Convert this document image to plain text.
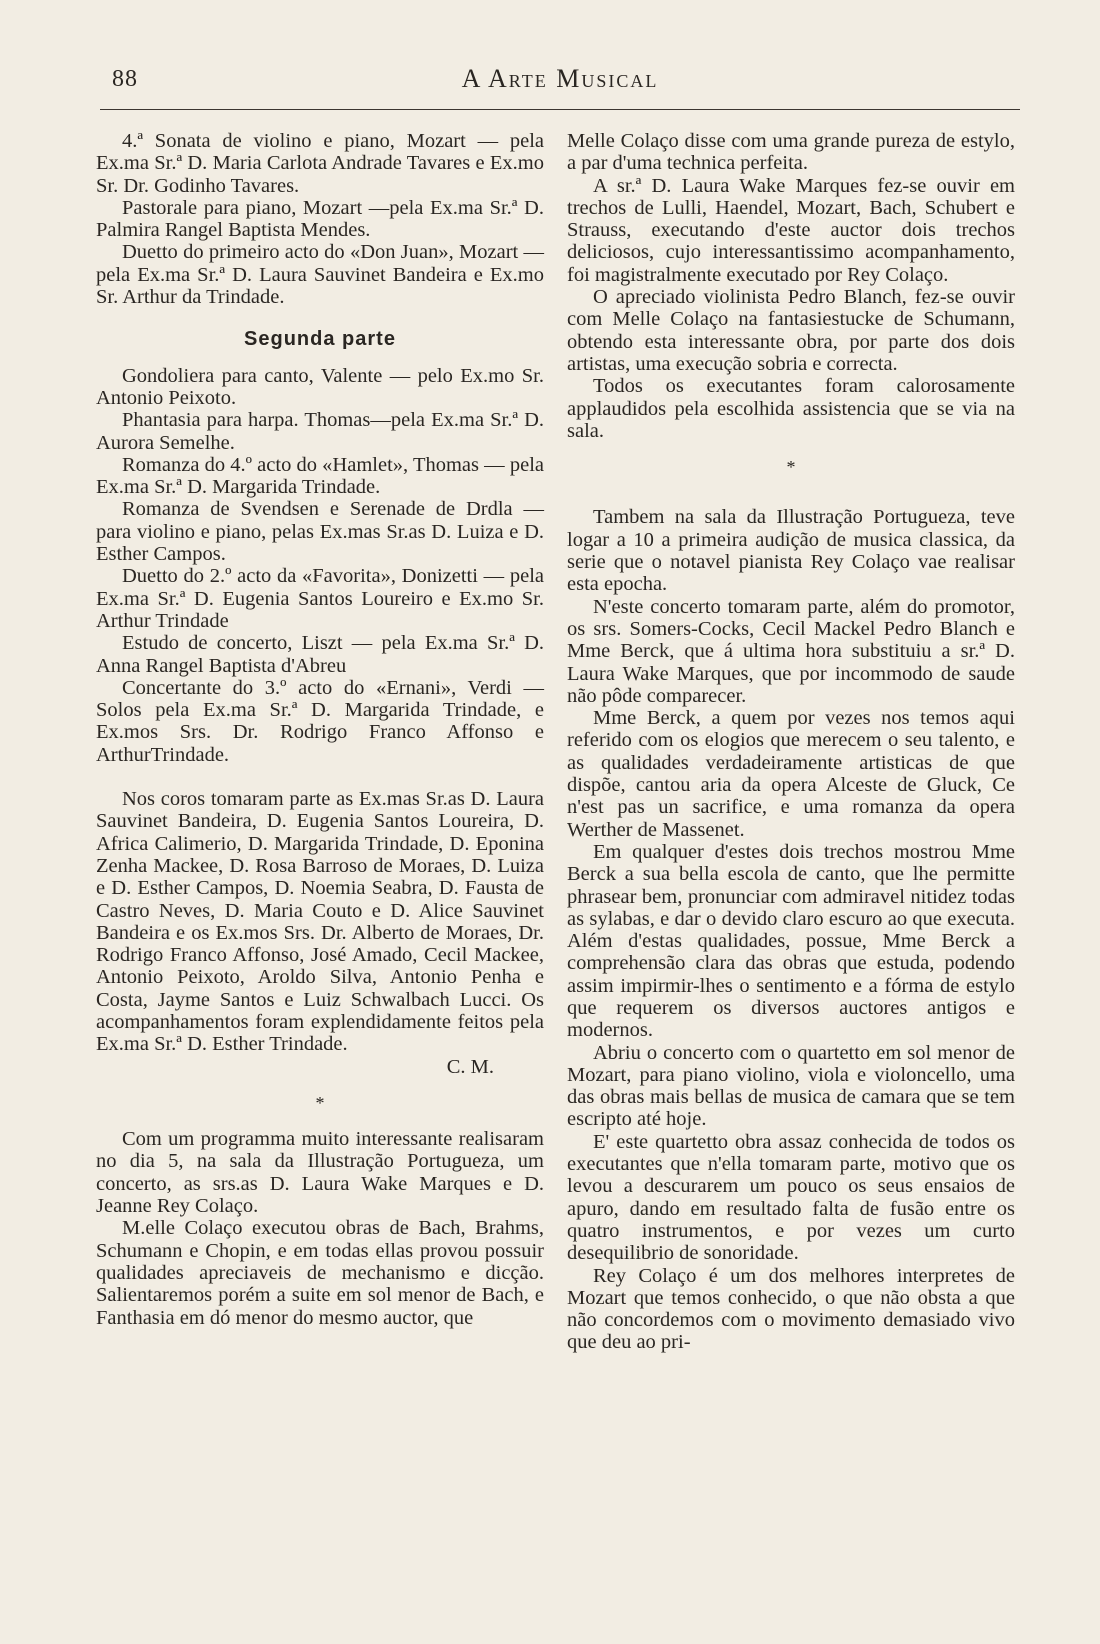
88	A Arte Musical

4.ª Sonata de violino e piano, Mozart — pela Ex.ma Sr.ª D. Maria Carlota Andrade Tavares e Ex.mo Sr. Dr. Godinho Tavares.

Pastorale para piano, Mozart —pela Ex.ma Sr.ª D. Palmira Rangel Baptista Mendes.

Duetto do primeiro acto do «Don Juan», Mozart — pela Ex.ma Sr.ª D. Laura Sauvinet Bandeira e Ex.mo Sr. Arthur da Trindade.

Segunda parte

Gondoliera para canto, Valente — pelo Ex.mo Sr. Antonio Peixoto.

Phantasia para harpa. Thomas—pela Ex.ma Sr.ª D. Aurora Semelhe.

Romanza do 4.º acto do «Hamlet», Thomas — pela Ex.ma Sr.ª D. Margarida Trindade.

Romanza de Svendsen e Serenade de Drdla — para violino e piano, pelas Ex.mas Sr.as D. Luiza e D. Esther Campos.

Duetto do 2.º acto da «Favorita», Donizetti — pela Ex.ma Sr.ª D. Eugenia Santos Loureiro e Ex.mo Sr. Arthur Trindade

Estudo de concerto, Liszt — pela Ex.ma Sr.ª D. Anna Rangel Baptista d'Abreu

Concertante do 3.º acto do «Ernani», Verdi — Solos pela Ex.ma Sr.ª D. Margarida Trindade, e Ex.mos Srs. Dr. Rodrigo Franco Affonso e ArthurTrindade.

Nos coros tomaram parte as Ex.mas Sr.as D. Laura Sauvinet Bandeira, D. Eugenia Santos Loureira, D. Africa Calimerio, D. Margarida Trindade, D. Eponina Zenha Mackee, D. Rosa Barroso de Moraes, D. Luiza e D. Esther Campos, D. Noemia Seabra, D. Fausta de Castro Neves, D. Maria Couto e D. Alice Sauvinet Bandeira e os Ex.mos Srs. Dr. Alberto de Moraes, Dr. Rodrigo Franco Affonso, José Amado, Cecil Mackee, Antonio Peixoto, Aroldo Silva, Antonio Penha e Costa, Jayme Santos e Luiz Schwalbach Lucci. Os acompanhamentos foram explendidamente feitos pela Ex.ma Sr.ª D. Esther Trindade.

C. M.

*

Com um programma muito interessante realisaram no dia 5, na sala da Illustração Portugueza, um concerto, as srs.as D. Laura Wake Marques e D. Jeanne Rey Colaço.

M.elle Colaço executou obras de Bach, Brahms, Schumann e Chopin, e em todas ellas provou possuir qualidades apreciaveis de mechanismo e dicção. Salientaremos porém a suite em sol menor de Bach, e Fanthasia em dó menor do mesmo auctor, que

Melle Colaço disse com uma grande pureza de estylo, a par d'uma technica perfeita.

A sr.ª D. Laura Wake Marques fez-se ouvir em trechos de Lulli, Haendel, Mozart, Bach, Schubert e Strauss, executando d'este auctor dois trechos deliciosos, cujo interessantissimo acompanhamento, foi magistralmente executado por Rey Colaço.

O apreciado violinista Pedro Blanch, fez-se ouvir com Melle Colaço na fantasiestucke de Schumann, obtendo esta interessante obra, por parte dos dois artistas, uma execução sobria e correcta.

Todos os executantes foram calorosamente applaudidos pela escolhida assistencia que se via na sala.

*

Tambem na sala da Illustração Portugueza, teve logar a 10 a primeira audição de musica classica, da serie que o notavel pianista Rey Colaço vae realisar esta epocha.

N'este concerto tomaram parte, além do promotor, os srs. Somers-Cocks, Cecil Mackel Pedro Blanch e Mme Berck, que á ultima hora substituiu a sr.ª D. Laura Wake Marques, que por incommodo de saude não pôde comparecer.

Mme Berck, a quem por vezes nos temos aqui referido com os elogios que merecem o seu talento, e as qualidades verdadeiramente artisticas de que dispõe, cantou aria da opera Alceste de Gluck, Ce n'est pas un sacrifice, e uma romanza da opera Werther de Massenet.

Em qualquer d'estes dois trechos mostrou Mme Berck a sua bella escola de canto, que lhe permitte phrasear bem, pronunciar com admiravel nitidez todas as sylabas, e dar o devido claro escuro ao que executa. Além d'estas qualidades, possue, Mme Berck a comprehensão clara das obras que estuda, podendo assim impirmir-lhes o sentimento e a fórma de estylo que requerem os diversos auctores antigos e modernos.

Abriu o concerto com o quartetto em sol menor de Mozart, para piano violino, viola e violoncello, uma das obras mais bellas de musica de camara que se tem escripto até hoje.

E' este quartetto obra assaz conhecida de todos os executantes que n'ella tomaram parte, motivo que os levou a descurarem um pouco os seus ensaios de apuro, dando em resultado falta de fusão entre os quatro instrumentos, e por vezes um curto desequilibrio de sonoridade.

Rey Colaço é um dos melhores interpretes de Mozart que temos conhecido, o que não obsta a que não concordemos com o movimento demasiado vivo que deu ao pri-
